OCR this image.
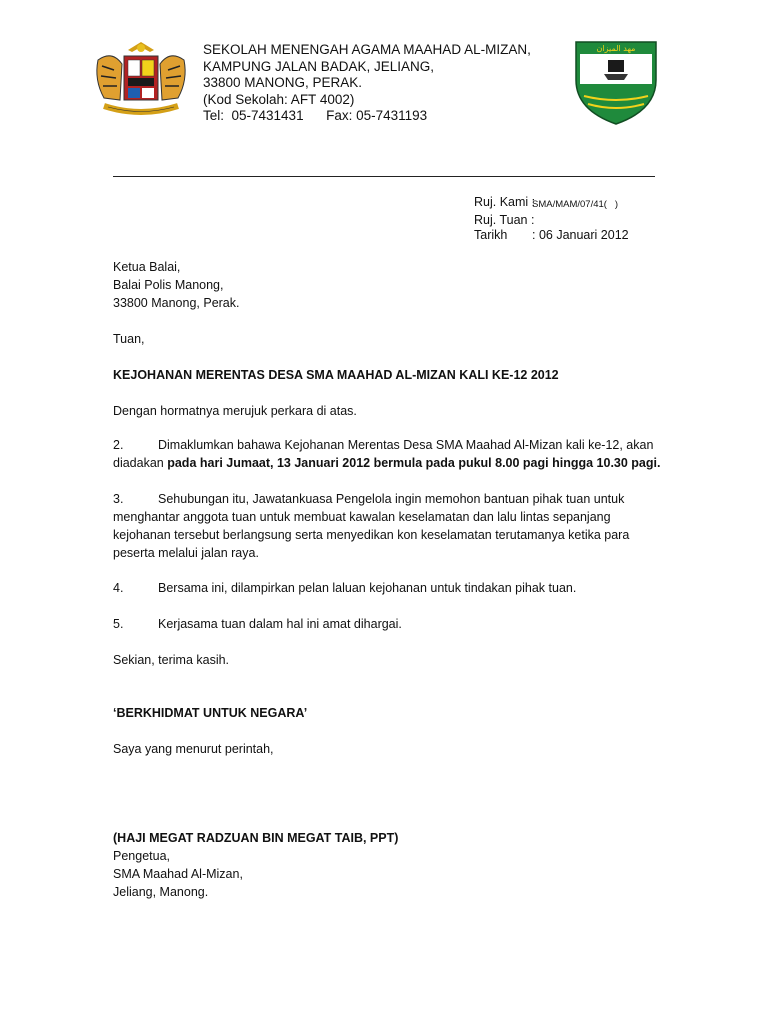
SEKOLAH MENENGAH AGAMA MAAHAD AL-MIZAN,
KAMPUNG JALAN BADAK, JELIANG,
33800 MANONG, PERAK.
(Kod Sekolah: AFT 4002)
Tel:  05-7431431      Fax: 05-7431193
مهد الميزان
Ruj. Kami :
SMA/MAM/07/41(   )
Ruj. Tuan :
Tarikh	: 06 Januari 2012

Ketua Balai,

Balai Polis Manong,

33800 Manong, Perak.

Tuan,
KEJOHANAN MERENTAS DESA SMA MAAHAD AL-MIZAN KALI KE-12 2012
Dengan hormatnya merujuk perkara di atas.

2.	Dimaklumkan bahawa Kejohanan Merentas Desa SMA Maahad Al-Mizan kali ke-12, akan

diadakan pada hari Jumaat, 13 Januari 2012 bermula pada pukul 8.00 pagi hingga 10.30 pagi.

3.	Sehubungan itu, Jawatankuasa Pengelola ingin memohon bantuan pihak tuan untuk

menghantar anggota tuan untuk membuat kawalan keselamatan dan lalu lintas sepanjang

kejohanan tersebut berlangsung serta menyedikan kon keselamatan terutamanya ketika para

peserta melalui jalan raya.

4.	Bersama ini, dilampirkan pelan laluan kejohanan untuk tindakan pihak tuan.

5.	Kerjasama tuan dalam hal ini amat dihargai.

Sekian, terima kasih.
‘BERKHIDMAT UNTUK NEGARA’
Saya yang menurut perintah,

(HAJI MEGAT RADZUAN BIN MEGAT TAIB, PPT)

Pengetua,

SMA Maahad Al-Mizan,

Jeliang, Manong.
